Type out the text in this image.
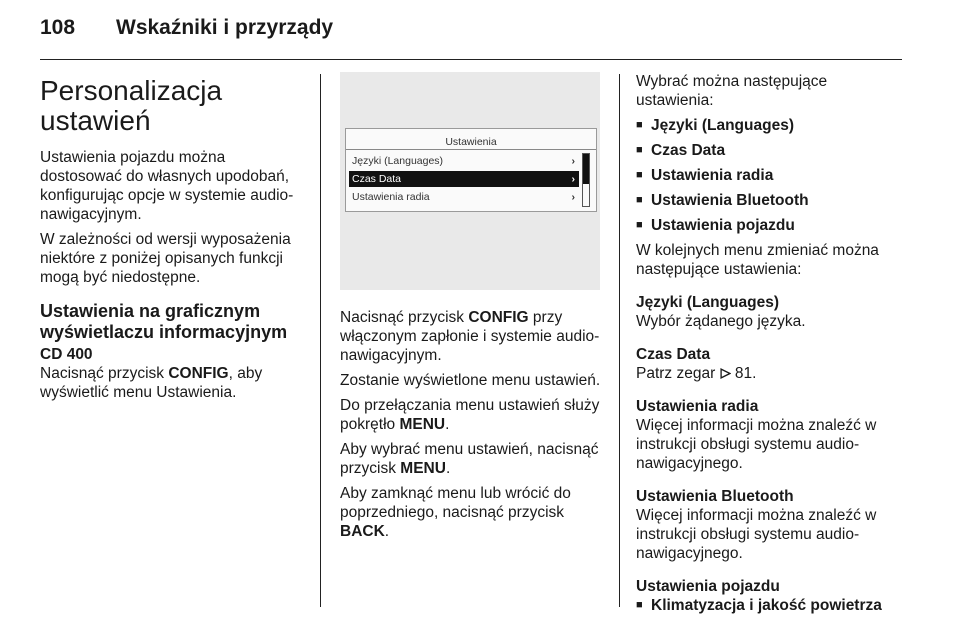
108 Wskaźniki i przyrządy
Personalizacja ustawień

Ustawienia pojazdu można dostosować do własnych upodobań, konfigurując opcje w systemie audio-nawigacyjnym.

W zależności od wersji wyposażenia niektóre z poniżej opisanych funkcji mogą być niedostępne.

Ustawienia na graficznym wyświetlaczu informacyjnym
CD 400

Nacisnąć przycisk CONFIG, aby wyświetlić menu Ustawienia.

Ustawienia
Języki (Languages)	›
Czas Data	›
Ustawienia radia	›

Nacisnąć przycisk CONFIG przy włączonym zapłonie i systemie audio-nawigacyjnym.

Zostanie wyświetlone menu ustawień.

Do przełączania menu ustawień służy pokrętło MENU.

Aby wybrać menu ustawień, nacisnąć przycisk MENU.

Aby zamknąć menu lub wrócić do poprzedniego, nacisnąć przycisk BACK.

Wybrać można następujące ustawienia:

■ Języki (Languages)
■ Czas Data
■ Ustawienia radia
■ Ustawienia Bluetooth
■ Ustawienia pojazdu

W kolejnych menu zmieniać można następujące ustawienia:

Języki (Languages)

Wybór żądanego języka.

Czas Data

Patrz zegar  81.

Ustawienia radia

Więcej informacji można znaleźć w instrukcji obsługi systemu audio-nawigacyjnego.

Ustawienia Bluetooth

Więcej informacji można znaleźć w instrukcji obsługi systemu audio-nawigacyjnego.

Ustawienia pojazdu
■ Klimatyzacja i jakość powietrza
